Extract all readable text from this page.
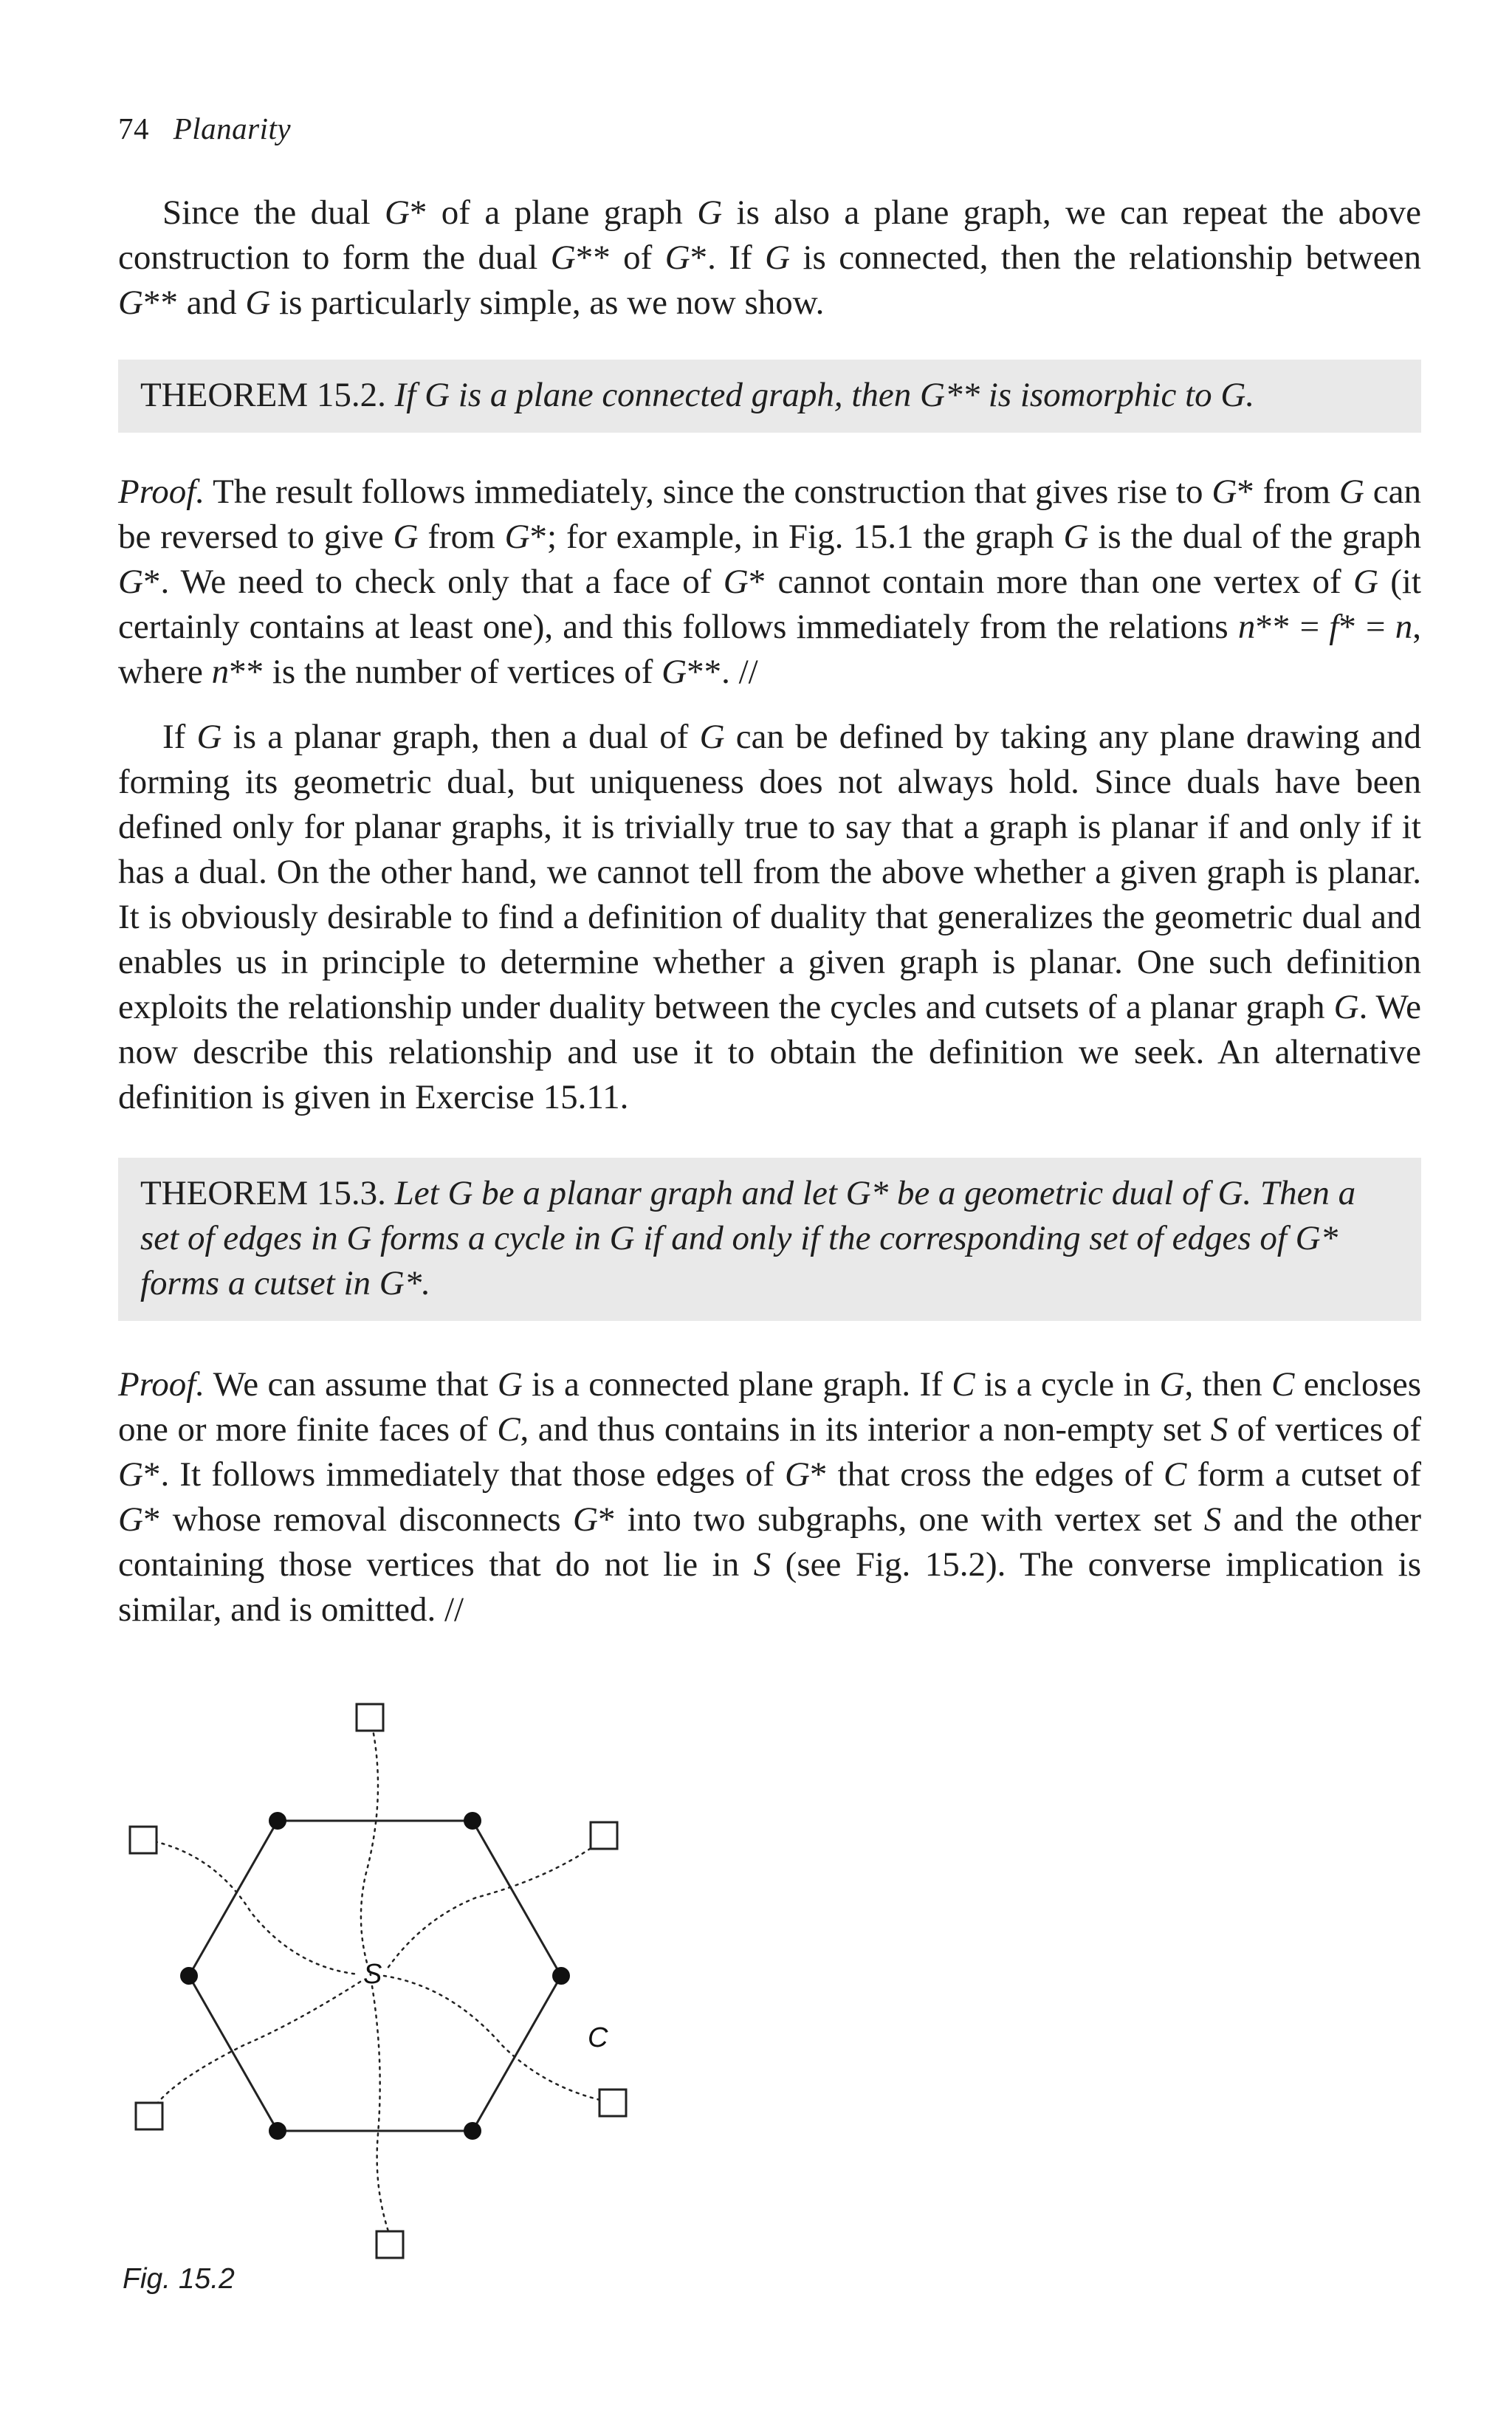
74 Planarity

Since the dual G* of a plane graph G is also a plane graph, we can repeat the above construction to form the dual G** of G*. If G is connected, then the relationship between G** and G is particularly simple, as we now show.

THEOREM 15.2. If G is a plane connected graph, then G** is isomorphic to G.

Proof. The result follows immediately, since the construction that gives rise to G* from G can be reversed to give G from G*; for example, in Fig. 15.1 the graph G is the dual of the graph G*. We need to check only that a face of G* cannot contain more than one vertex of G (it certainly contains at least one), and this follows immediately from the relations n** = f* = n, where n** is the number of vertices of G**. //

If G is a planar graph, then a dual of G can be defined by taking any plane drawing and forming its geometric dual, but uniqueness does not always hold. Since duals have been defined only for planar graphs, it is trivially true to say that a graph is planar if and only if it has a dual. On the other hand, we cannot tell from the above whether a given graph is planar. It is obviously desirable to find a definition of duality that generalizes the geometric dual and enables us in principle to determine whether a given graph is planar. One such definition exploits the relationship under duality between the cycles and cutsets of a planar graph G. We now describe this relationship and use it to obtain the definition we seek. An alternative definition is given in Exercise 15.11.

THEOREM 15.3. Let G be a planar graph and let G* be a geometric dual of G. Then a set of edges in G forms a cycle in G if and only if the corresponding set of edges of G* forms a cutset in G*.

Proof. We can assume that G is a connected plane graph. If C is a cycle in G, then C encloses one or more finite faces of C, and thus contains in its interior a non-empty set S of vertices of G*. It follows immediately that those edges of G* that cross the edges of C form a cutset of G* whose removal disconnects G* into two subgraphs, one with vertex set S and the other containing those vertices that do not lie in S (see Fig. 15.2). The converse implication is similar, and is omitted. //

S
C
Fig. 15.2
